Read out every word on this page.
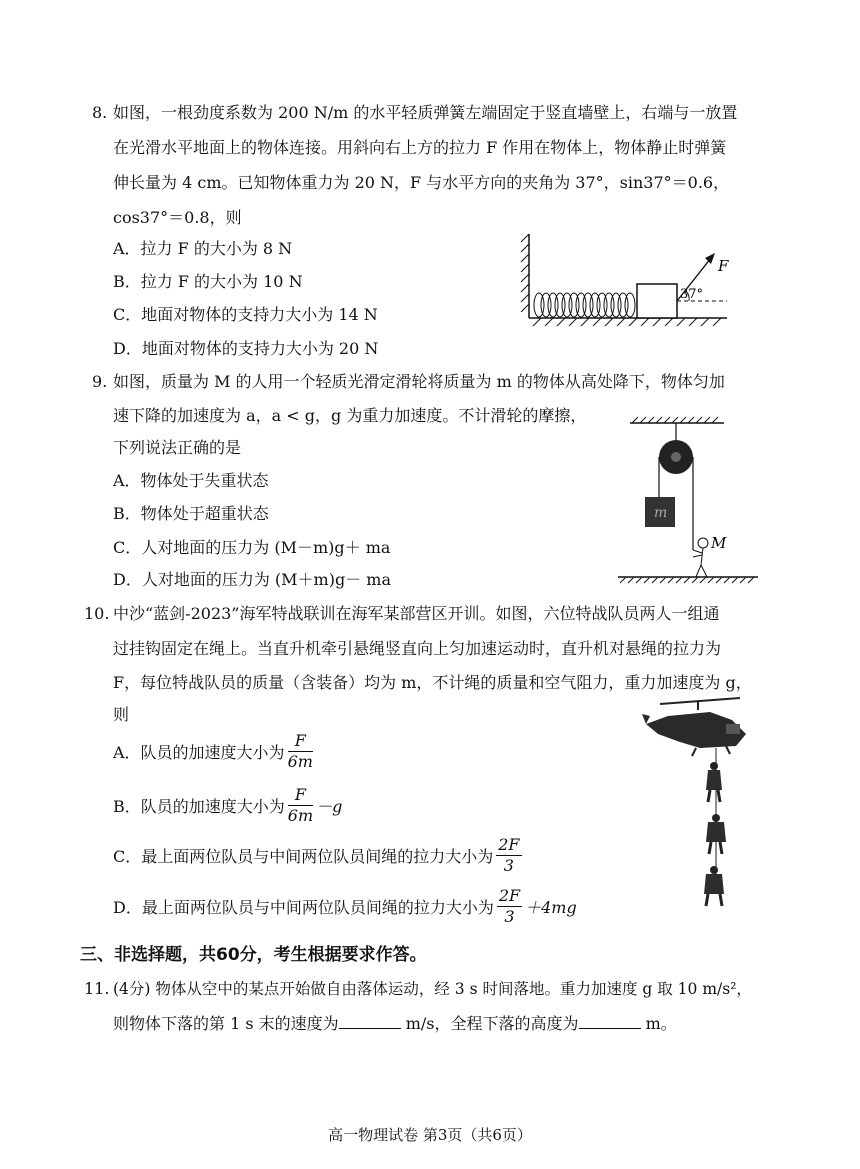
8. 如图，一根劲度系数为 200 N/m 的水平轻质弹簧左端固定于竖直墙壁上，右端与一放置
在光滑水平地面上的物体连接。用斜向右上方的拉力 F 作用在物体上，物体静止时弹簧
伸长量为 4 cm。已知物体重力为 20 N，F 与水平方向的夹角为 37°，sin37°＝0.6，
cos37°＝0.8，则
A．拉力 F 的大小为 8 N
B．拉力 F 的大小为 10 N
C．地面对物体的支持力大小为 14 N
D．地面对物体的支持力大小为 20 N
F
37°
9. 如图，质量为 M 的人用一个轻质光滑定滑轮将质量为 m 的物体从高处降下，物体匀加
速下降的加速度为 a，a < g，g 为重力加速度。不计滑轮的摩擦，
下列说法正确的是
A．物体处于失重状态
B．物体处于超重状态
C．人对地面的压力为 (M－m)g＋ ma
D．人对地面的压力为 (M＋m)g－ ma
m
M
10. 中沙“蓝剑-2023”海军特战联训在海军某部营区开训。如图，六位特战队员两人一组通
过挂钩固定在绳上。当直升机牵引悬绳竖直向上匀加速运动时，直升机对悬绳的拉力为
F，每位特战队员的质量（含装备）均为 m，不计绳的质量和空气阻力，重力加速度为 g，
则
A．队员的加速度大小为 $\frac{F}{6m}$
B．队员的加速度大小为 $\frac{F}{6m} -g$
C．最上面两位队员与中间两位队员间绳的拉力大小为 $\frac{2F}{3}$
D．最上面两位队员与中间两位队员间绳的拉力大小为 $\frac{2F}{3} +4mg$
三、非选择题，共60分，考生根据要求作答。
11. (4分) 物体从空中的某点开始做自由落体运动，经 3 s 时间落地。重力加速度 g 取 10 m/s²，
则物体下落的第 1 s 末的速度为	m/s，全程下落的高度为	m。
高一物理试卷 第3页（共6页）
